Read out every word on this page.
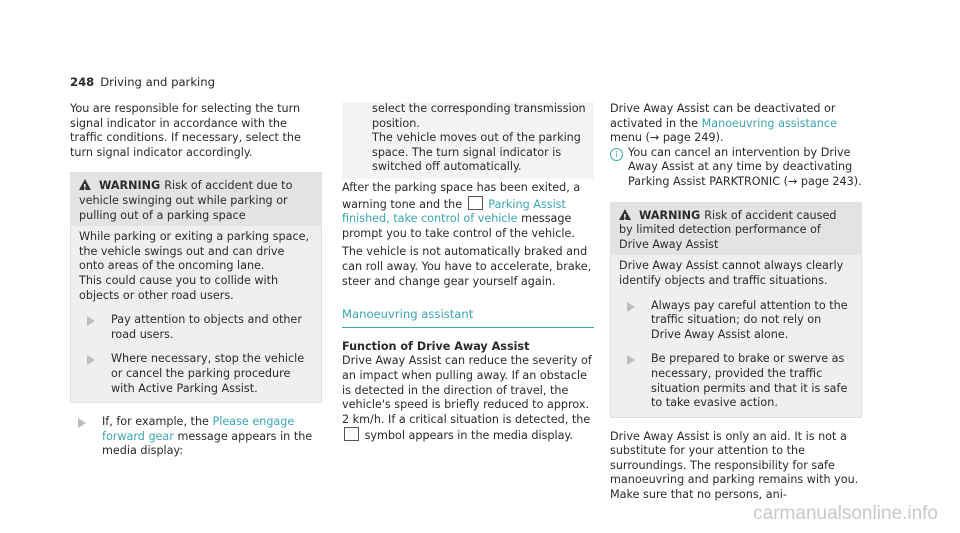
248 Driving and parking
You are responsible for selecting the turn signal indicator in accordance with the traffic conditions. If necessary, select the turn signal indicator accordingly.
!WARNING Risk of accident due to vehicle swinging out while parking or pulling out of a parking space
While parking or exiting a parking space, the vehicle swings out and can drive onto areas of the oncoming lane.
This could cause you to collide with objects or other road users.
Pay attention to objects and other road users.
Where necessary, stop the vehicle or cancel the parking procedure with Active Parking Assist.
If, for example, the Please engage forward gear message appears in the media display:
select the corresponding transmission position.
The vehicle moves out of the parking space. The turn signal indicator is switched off automatically.
After the parking space has been exited, a warning tone and the Parking Assist finished, take control of vehicle message prompt you to take control of the vehicle.
The vehicle is not automatically braked and can roll away. You have to accelerate, brake, steer and change gear yourself again.
Manoeuvring assistant
Function of Drive Away Assist
Drive Away Assist can reduce the severity of an impact when pulling away. If an obstacle is detected in the direction of travel, the vehicle's speed is briefly reduced to approx. 2 km/h. If a critical situation is detected, the  symbol appears in the media display.
Drive Away Assist can be deactivated or activated in the Manoeuvring assistance menu (→ page 249).
i You can cancel an intervention by Drive Away Assist at any time by deactivating Parking Assist PARKTRONIC (→ page 243).
!WARNING Risk of accident caused by limited detection performance of Drive Away Assist
Drive Away Assist cannot always clearly identify objects and traffic situations.
Always pay careful attention to the traffic situation; do not rely on Drive Away Assist alone.
Be prepared to brake or swerve as necessary, provided the traffic situation permits and that it is safe to take evasive action.
Drive Away Assist is only an aid. It is not a substitute for your attention to the surroundings. The responsibility for safe manoeuvring and parking remains with you. Make sure that no persons, ani-
carmanualsonline.info
